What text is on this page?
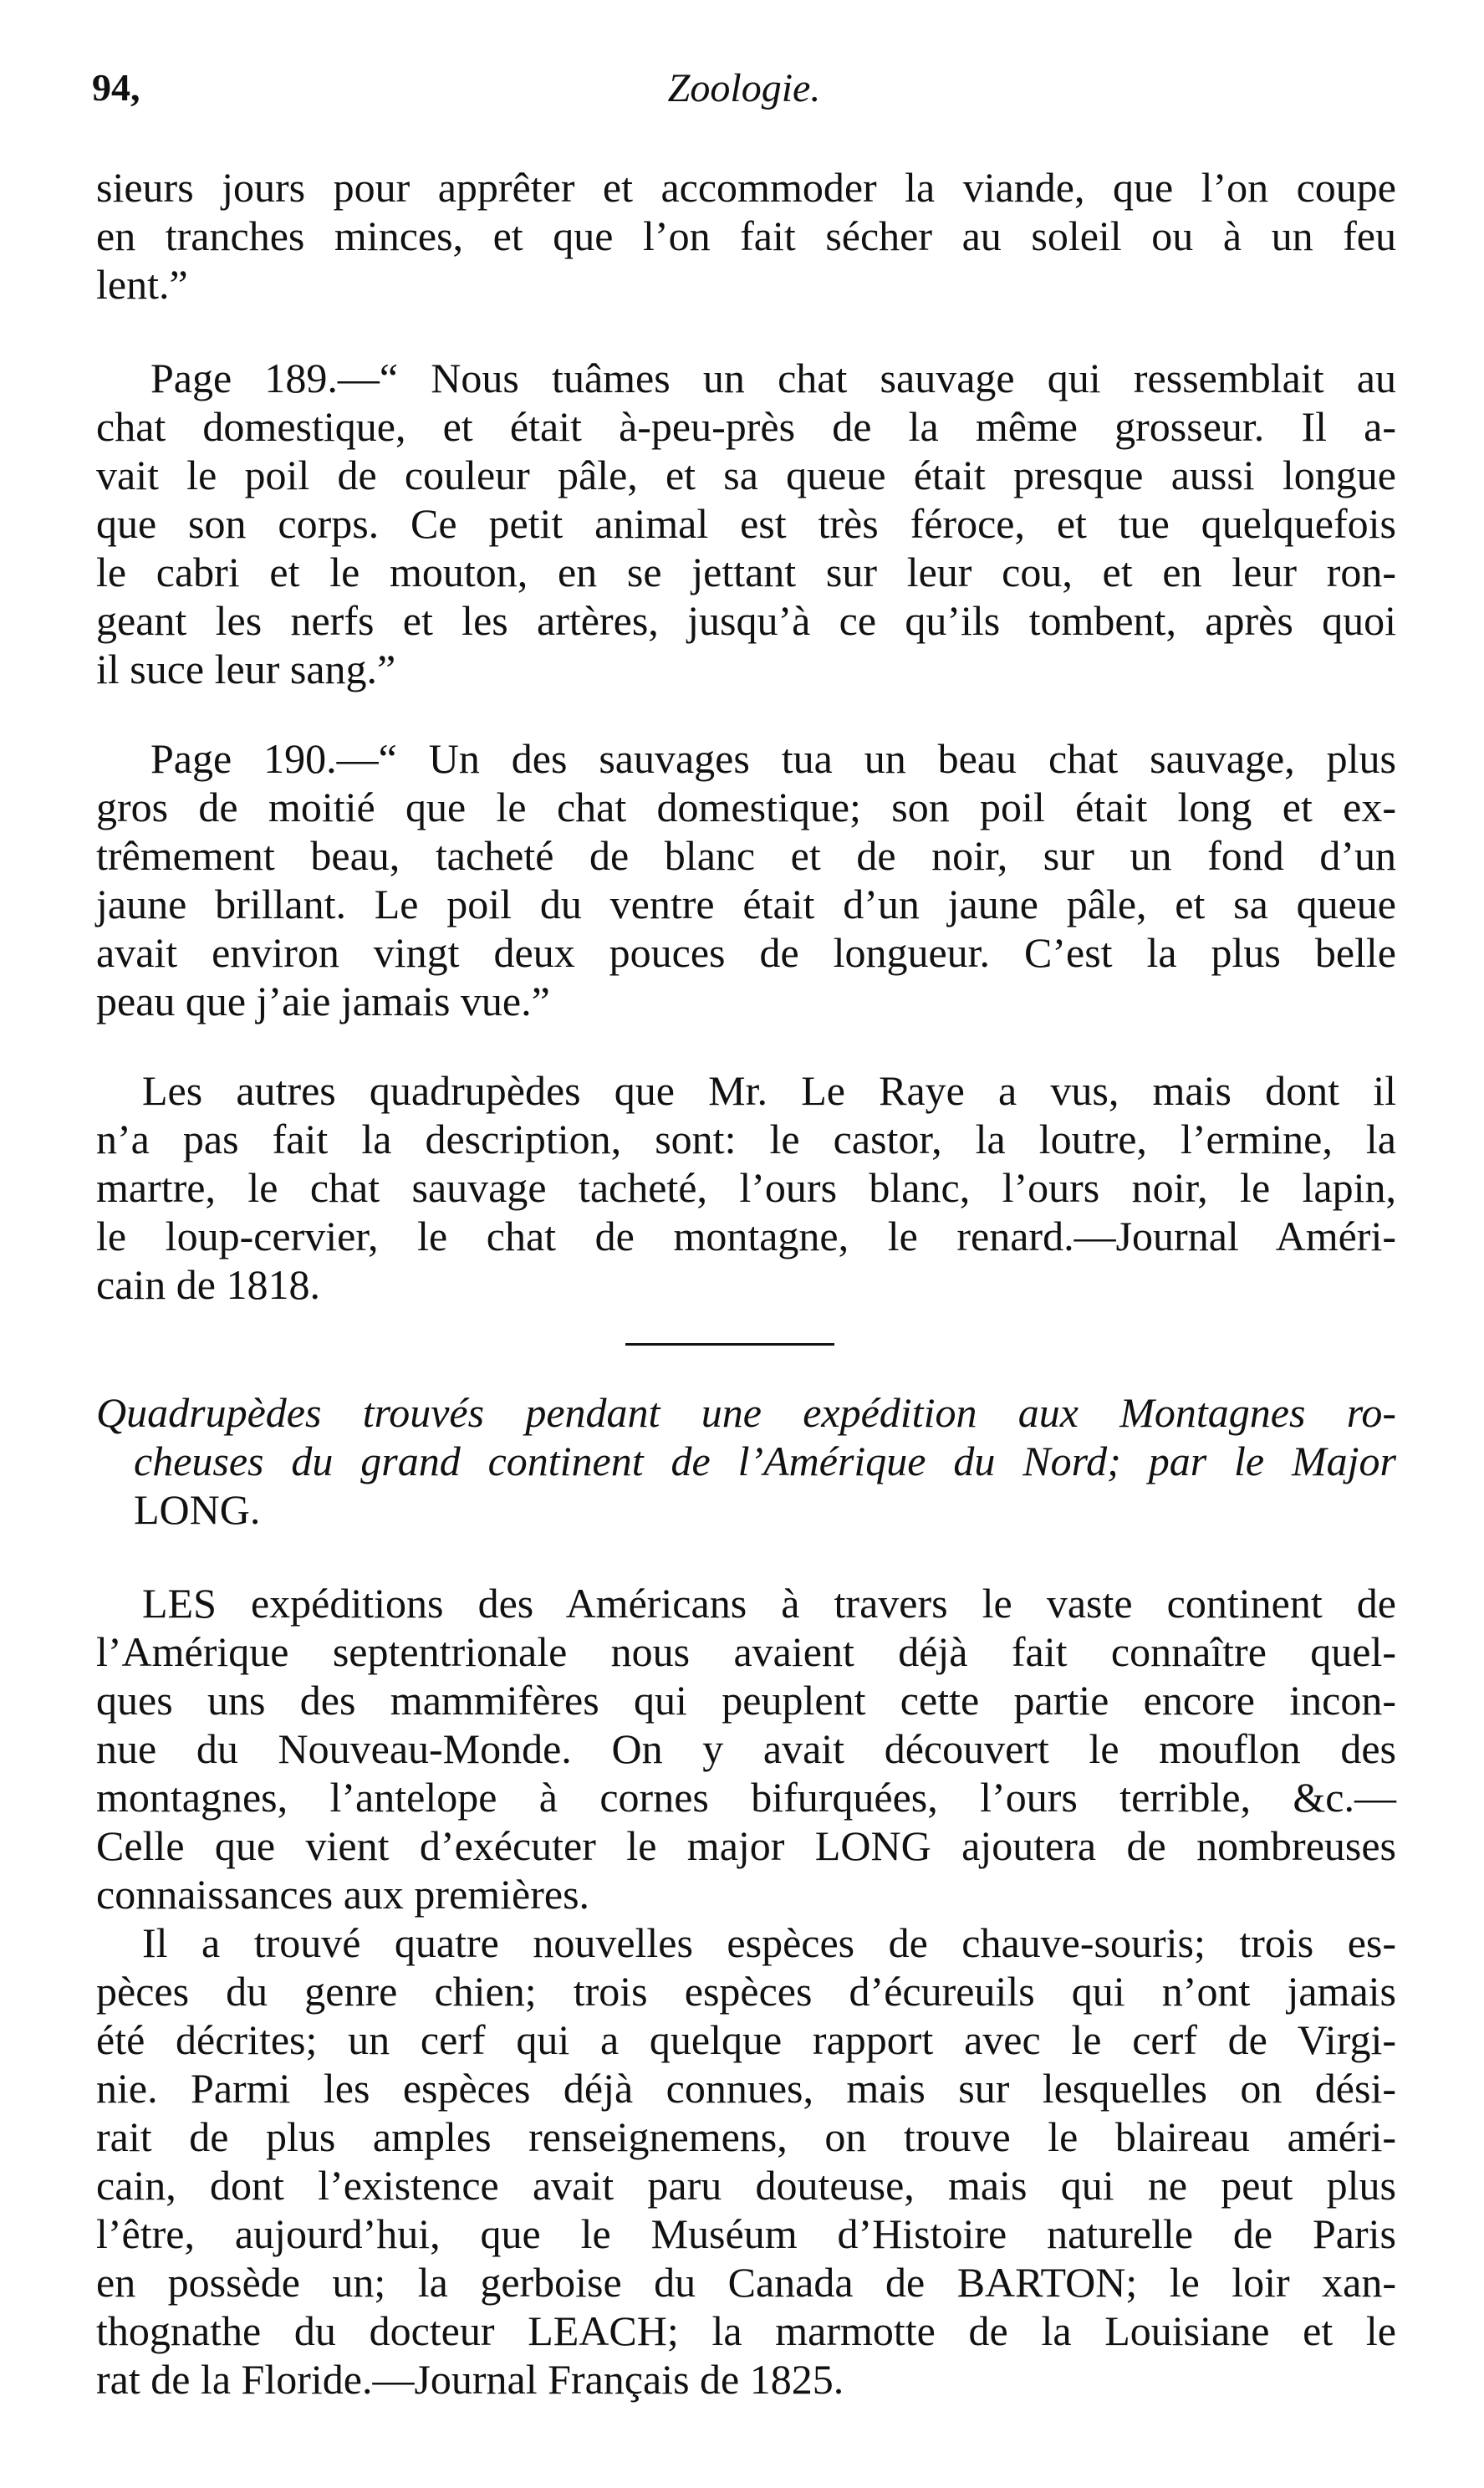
94,	Zoologie.
sieurs jours pour apprêter et accommoder la viande, que l’on coupe
en tranches minces, et que l’on fait sécher au soleil ou à un feu
lent.”
Page 189.—“ Nous tuâmes un chat sauvage qui ressemblait au
chat domestique, et était à-peu-près de la même grosseur. Il a-
vait le poil de couleur pâle, et sa queue était presque aussi longue
que son corps. Ce petit animal est très féroce, et tue quelquefois
le cabri et le mouton, en se jettant sur leur cou, et en leur ron-
geant les nerfs et les artères, jusqu’à ce qu’ils tombent, après quoi
il suce leur sang.”
Page 190.—“ Un des sauvages tua un beau chat sauvage, plus
gros de moitié que le chat domestique; son poil était long et ex-
trêmement beau, tacheté de blanc et de noir, sur un fond d’un
jaune brillant. Le poil du ventre était d’un jaune pâle, et sa queue
avait environ vingt deux pouces de longueur. C’est la plus belle
peau que j’aie jamais vue.”
Les autres quadrupèdes que Mr. Le Raye a vus, mais dont il
n’a pas fait la description, sont: le castor, la loutre, l’ermine, la
martre, le chat sauvage tacheté, l’ours blanc, l’ours noir, le lapin,
le loup-cervier, le chat de montagne, le renard.—Journal Améri-
cain de 1818.
Quadrupèdes trouvés pendant une expédition aux Montagnes ro-
cheuses du grand continent de l’Amérique du Nord; par le Major
LONG.
LES expéditions des Américans à travers le vaste continent de
l’Amérique septentrionale nous avaient déjà fait connaître quel-
ques uns des mammifères qui peuplent cette partie encore incon-
nue du Nouveau-Monde. On y avait découvert le mouflon des
montagnes, l’antelope à cornes bifurquées, l’ours terrible, &c.—
Celle que vient d’exécuter le major LONG ajoutera de nombreuses
connaissances aux premières.
Il a trouvé quatre nouvelles espèces de chauve-souris; trois es-
pèces du genre chien; trois espèces d’écureuils qui n’ont jamais
été décrites; un cerf qui a quelque rapport avec le cerf de Virgi-
nie. Parmi les espèces déjà connues, mais sur lesquelles on dési-
rait de plus amples renseignemens, on trouve le blaireau améri-
cain, dont l’existence avait paru douteuse, mais qui ne peut plus
l’être, aujourd’hui, que le Muséum d’Histoire naturelle de Paris
en possède un; la gerboise du Canada de BARTON; le loir xan-
thognathe du docteur LEACH; la marmotte de la Louisiane et le
rat de la Floride.—Journal Français de 1825.
